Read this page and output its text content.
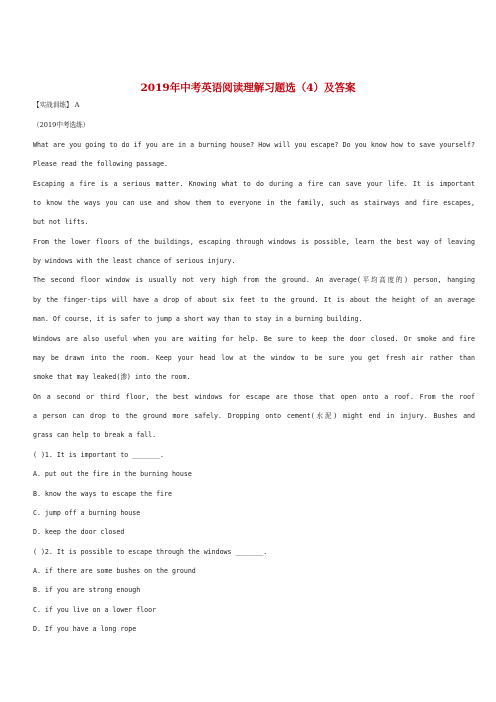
2019年中考英语阅读理解习题选（4）及答案
【实战训练】 A
（2019中考选练）
What are you going to do if you are in a burning house? How will you escape? Do you know how to save yourself?
Please read the following passage.
Escaping a fire is a serious matter. Knowing what to do during a fire can save your life. It is important
to know the ways you can use and show them to everyone in the family, such as stairways and fire escapes,
but not lifts.
From the lower floors of the buildings, escaping through windows is possible, learn the best way of leaving
by windows with the least chance of serious injury.
The second floor window is usually not very high from the ground. An average(平均高度的) person, hanging
by the finger-tips will have a drop of about six feet to the ground. It is about the height of an average
man. Of course, it is safer to jump a short way than to stay in a burning building.
Windows are also useful when you are waiting for help. Be sure to keep the door closed. Or smoke and fire
may be drawn into the room. Keep your head low at the window to be sure you get fresh air rather than
smoke that may leaked(渗) into the room.
On a second or third floor, the best windows for escape are those that open onto a roof. From the roof
a person can drop to the ground more safely. Dropping onto cement(水泥) might end in injury. Bushes and
grass can help to break a fall.
( )1. It is important to _______.
A. put out the fire in the burning house
B. know the ways to escape the fire
C. jump off a burning house
D. keep the door closed
( )2. It is possible to escape through the windows _______.
A. if there are some bushes on the ground
B. if you are strong enough
C. if you live on a lower floor
D. If you have a long rope
